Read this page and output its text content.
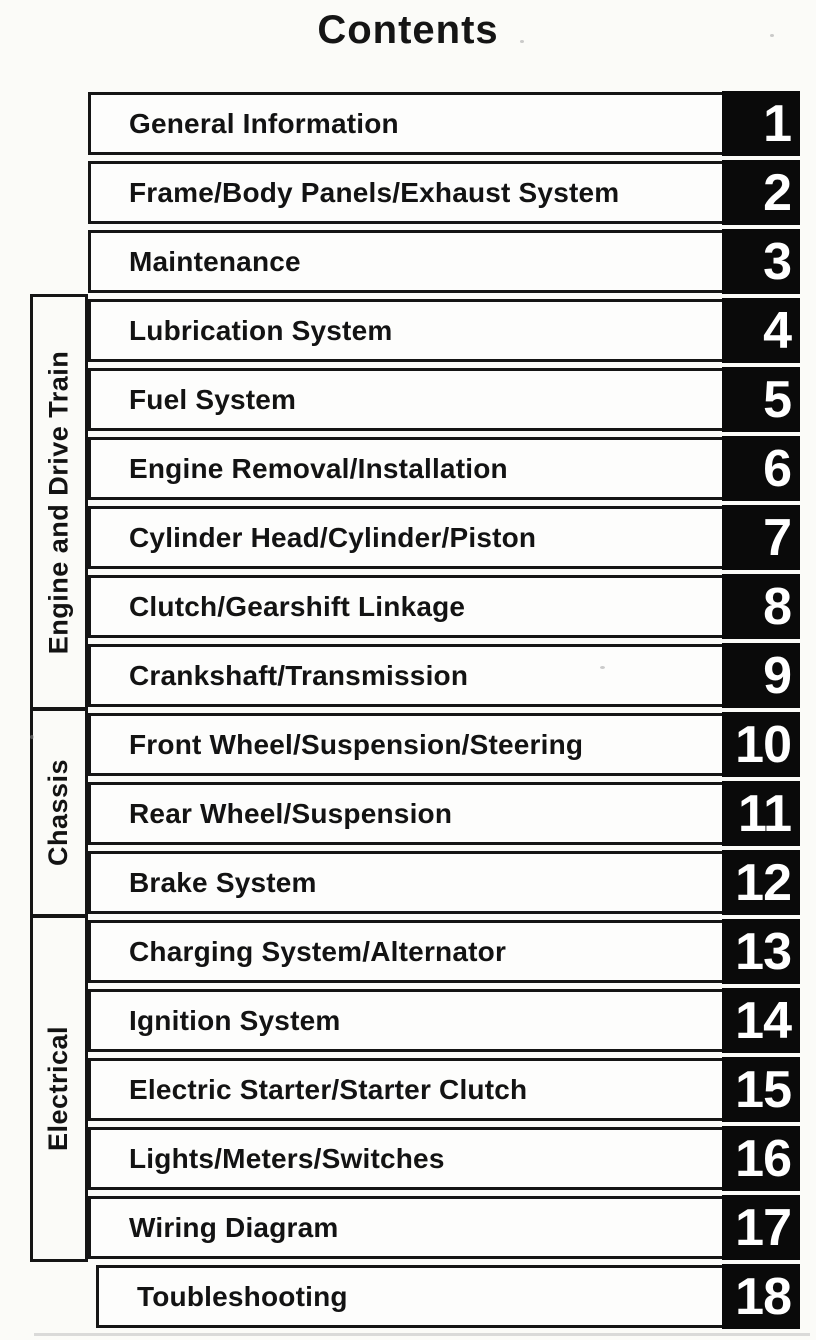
Contents
General Information	1
Frame/Body Panels/Exhaust System	2
Maintenance	3
Engine and Drive Train
Lubrication System	4
Fuel System	5
Engine Removal/Installation	6
Cylinder Head/Cylinder/Piston	7
Clutch/Gearshift Linkage	8
Crankshaft/Transmission	9
Chassis
Front Wheel/Suspension/Steering	10
Rear Wheel/Suspension	11
Brake System	12
Electrical
Charging System/Alternator	13
Ignition System	14
Electric Starter/Starter Clutch	15
Lights/Meters/Switches	16
Wiring Diagram	17
Toubleshooting	18
